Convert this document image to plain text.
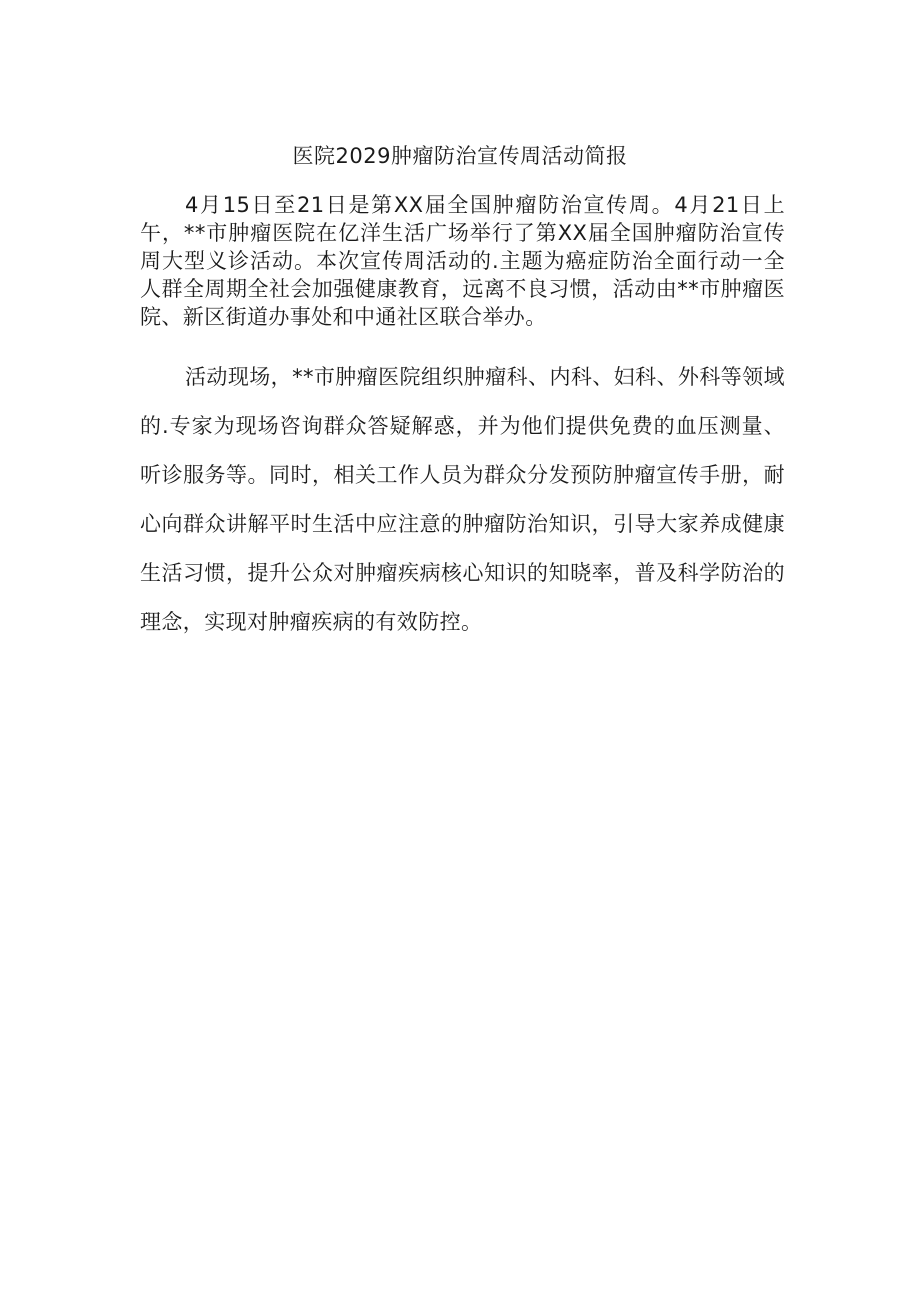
医院2029肿瘤防治宣传周活动简报

4月15日至21日是第XX届全国肿瘤防治宣传周。4月21日上午，**市肿瘤医院在亿洋生活广场举行了第XX届全国肿瘤防治宣传周大型义诊活动。本次宣传周活动的.主题为癌症防治全面行动一全人群全周期全社会加强健康教育，远离不良习惯，活动由**市肿瘤医院、新区街道办事处和中通社区联合举办。

活动现场，**市肿瘤医院组织肿瘤科、内科、妇科、外科等领域的.专家为现场咨询群众答疑解惑，并为他们提供免费的血压测量、听诊服务等。同时，相关工作人员为群众分发预防肿瘤宣传手册，耐心向群众讲解平时生活中应注意的肿瘤防治知识，引导大家养成健康生活习惯，提升公众对肿瘤疾病核心知识的知晓率，普及科学防治的理念，实现对肿瘤疾病的有效防控。
